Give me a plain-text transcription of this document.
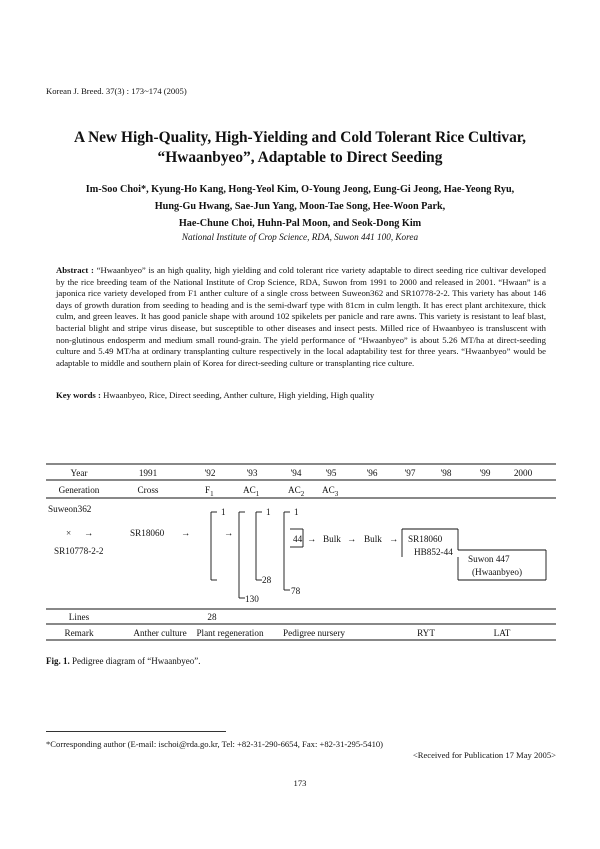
Korean J. Breed. 37(3) : 173~174 (2005)
A New High-Quality, High-Yielding and Cold Tolerant Rice Cultivar,
“Hwaanbyeo”, Adaptable to Direct Seeding
Im-Soo Choi*, Kyung-Ho Kang, Hong-Yeol Kim, O-Young Jeong, Eung-Gi Jeong, Hae-Yeong Ryu,
Hung-Gu Hwang, Sae-Jun Yang, Moon-Tae Song, Hee-Woon Park,
Hae-Chune Choi, Huhn-Pal Moon, and Seok-Dong Kim
National Institute of Crop Science, RDA, Suwon 441 100, Korea
Abstract : “Hwaanbyeo” is an high quality, high yielding and cold tolerant rice variety adaptable to direct seeding rice cultivar developed by the rice breeding team of the National Institute of Crop Science, RDA, Suwon from 1991 to 2000 and released in 2001. “Hwaan” is a japonica rice variety developed from F1 anther culture of a single cross between Suweon362 and SR10778-2-2. This variety has about 146 days of growth duration from seeding to heading and is the semi-dwarf type with 81cm in culm length. It has erect plant architexure, thick culm, and green leaves. It has good panicle shape with around 102 spikelets per panicle and rare awns. This variety is resistant to leaf blast, bacterial blight and stripe virus disease, but susceptible to other diseases and insect pests. Milled rice of Hwaanbyeo is transluscent with non-glutinous endosperm and medium small round-grain. The yield performance of “Hwaanbyeo” is about 5.26 MT/ha at direct-seeding culture and 5.49 MT/ha at ordinary transplanting culture respectively in the local adaptability test for three years. “Hwaanbyeo” would be adaptable to middle and southern plain of Korea for direct-seeding culture or transplanting rice culture.
Key words : Hwaanbyeo, Rice, Direct seeding, Anther culture, High yielding, High quality
Year	1991	'92	'93	'94	'95	'96	'97	'98	'99	2000
Generation	Cross	$F_1$	$AC_1$	$AC_2$ $AC_3$
Suweon362
× →
SR10778-2-2
SR18060 →
1
28
→
1
130
1
78
44 → Bulk → Bulk → SR18060
HB852-44
Suwon 447
(Hwaanbyeo)
Lines	28
Remark	Anther culture Plant regeneration Pedigree nursery	RYT	LAT
Fig. 1. Pedigree diagram of “Hwaanbyeo”.
*Corresponding author (E-mail: ischoi@rda.go.kr, Tel: +82-31-290-6654, Fax: +82-31-295-5410)
<Received for Publication 17 May 2005>
173
